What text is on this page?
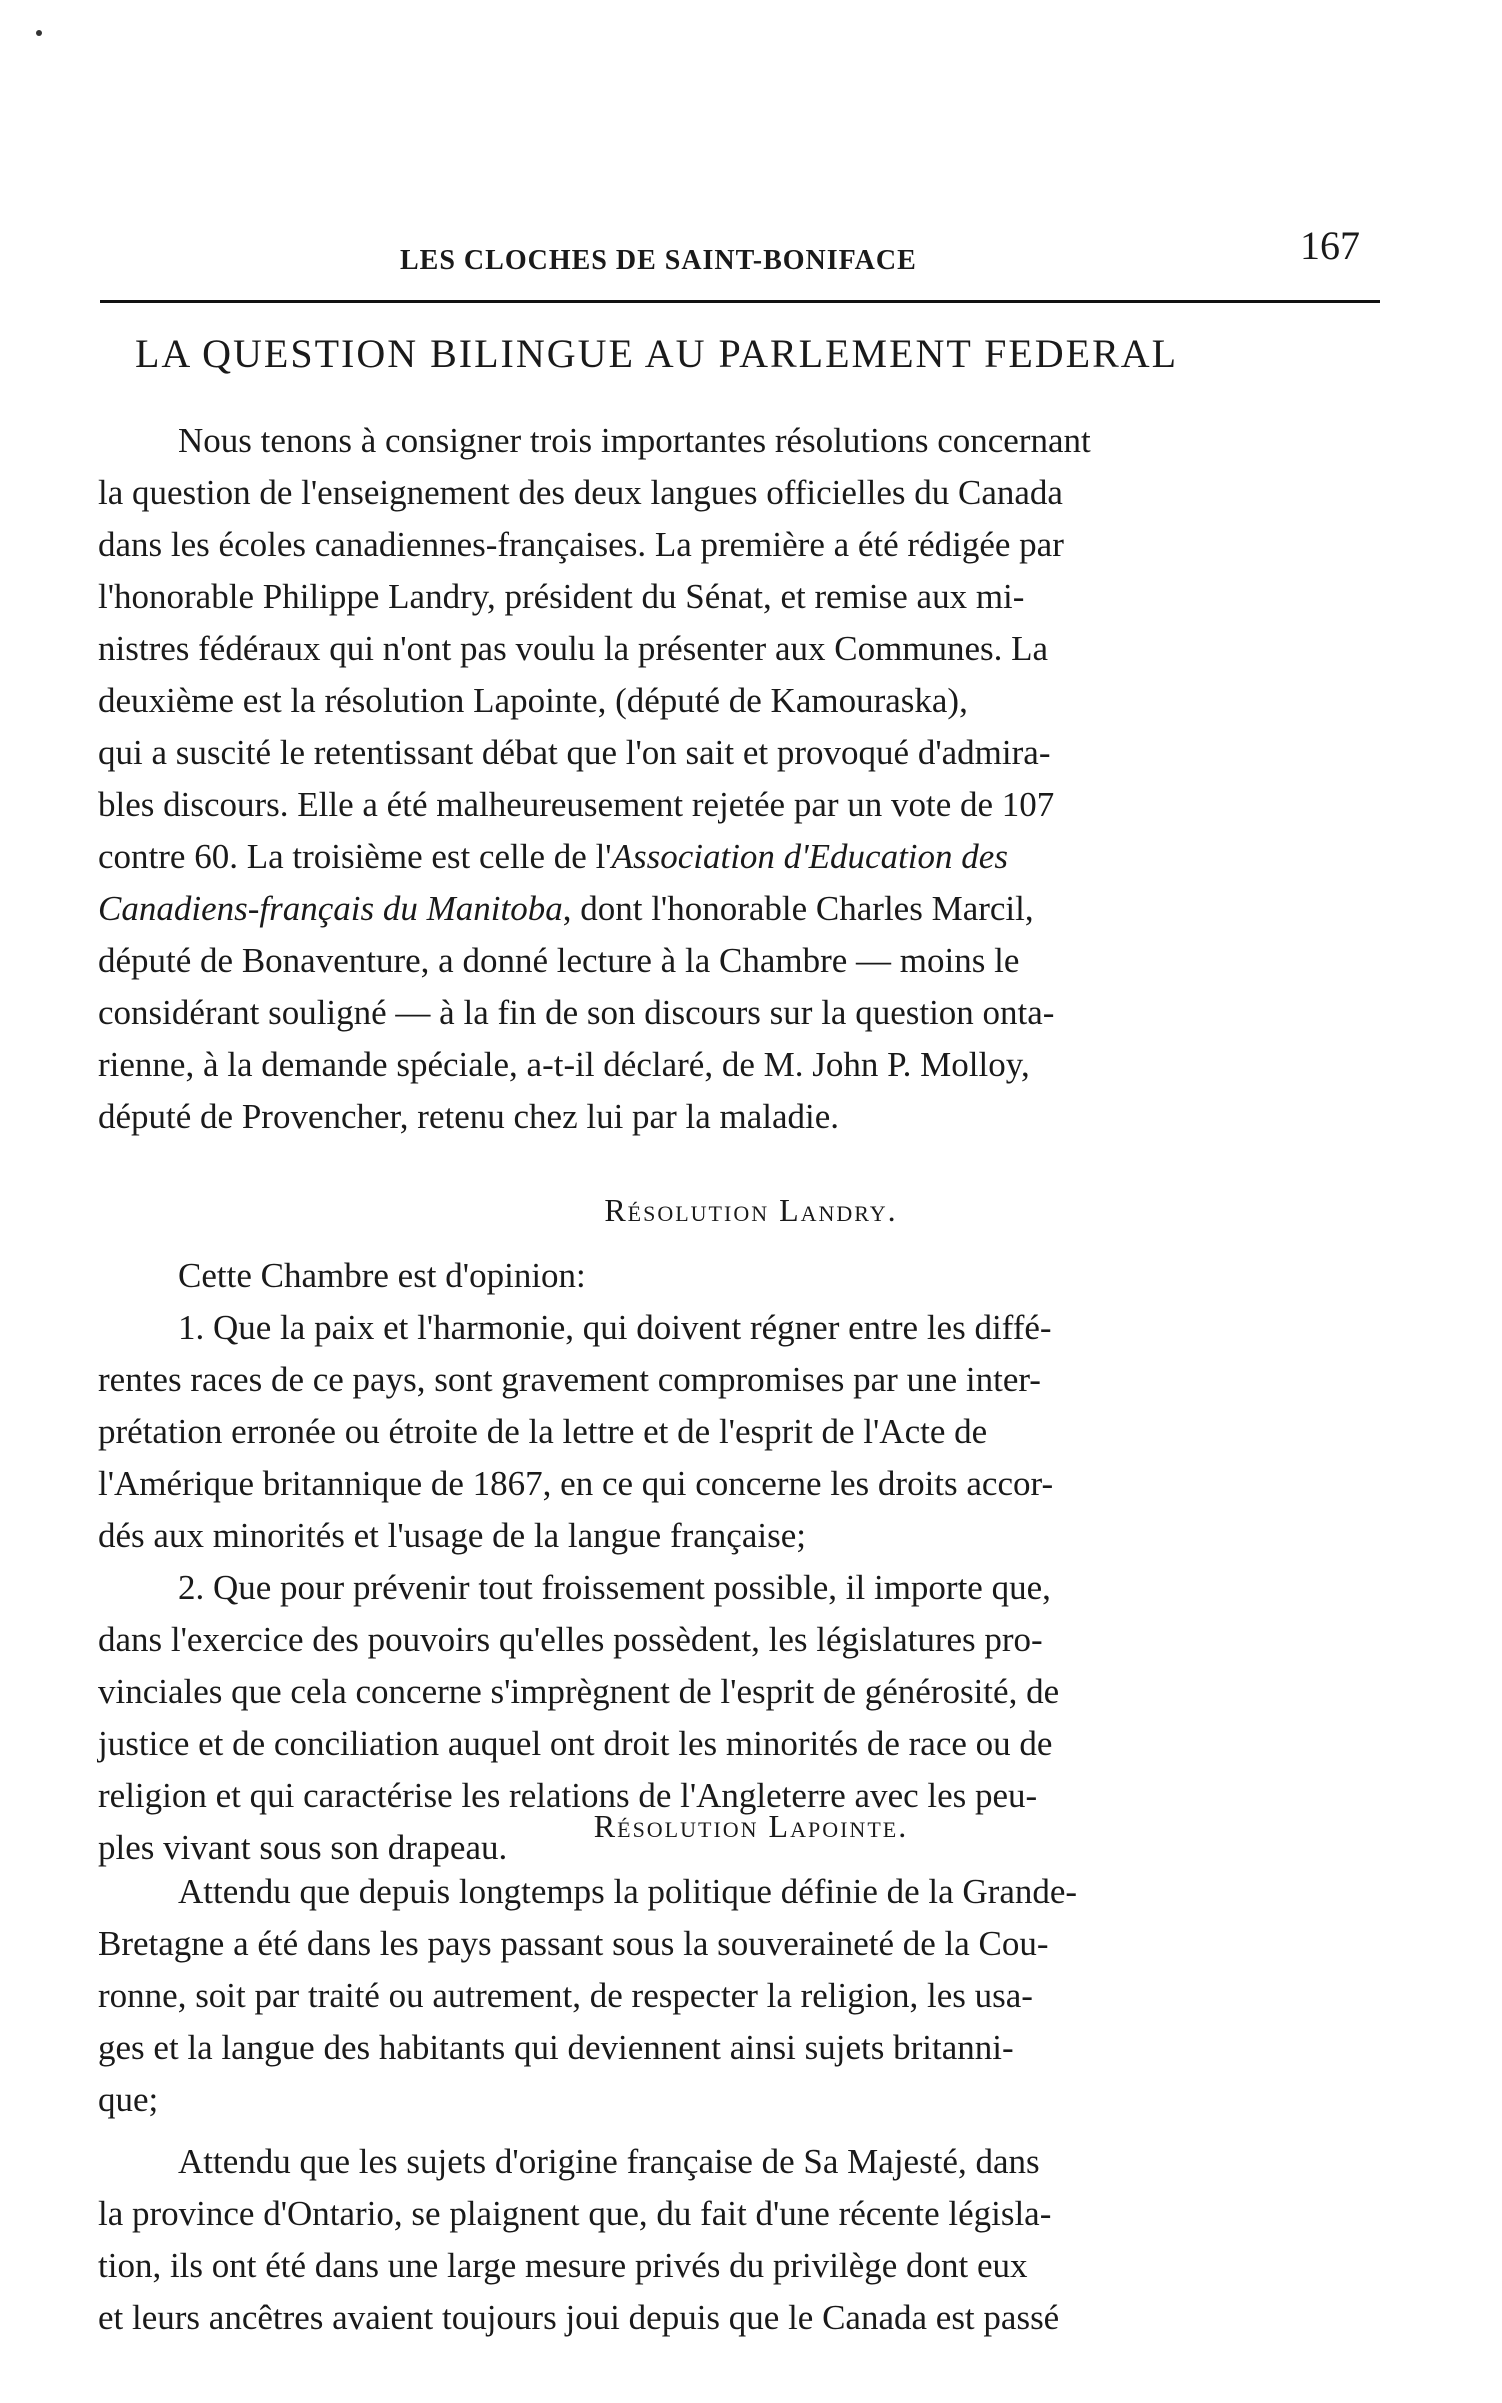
LES CLOCHES DE SAINT-BONIFACE	167
LA QUESTION BILINGUE AU PARLEMENT FEDERAL

Nous tenons à consigner trois importantes résolutions concernant
la question de l'enseignement des deux langues officielles du Canada
dans les écoles canadiennes-françaises. La première a été rédigée par
l'honorable Philippe Landry, président du Sénat, et remise aux mi-
nistres fédéraux qui n'ont pas voulu la présenter aux Communes. La
deuxième est la résolution Lapointe, (député de Kamouraska),
qui a suscité le retentissant débat que l'on sait et provoqué d'admira-
bles discours. Elle a été malheureusement rejetée par un vote de 107
contre 60. La troisième est celle de l'Association d'Education des
Canadiens-français du Manitoba, dont l'honorable Charles Marcil,
député de Bonaventure, a donné lecture à la Chambre — moins le
considérant souligné — à la fin de son discours sur la question onta-
rienne, à la demande spéciale, a-t-il déclaré, de M. John P. Molloy,
député de Provencher, retenu chez lui par la maladie.

Résolution Landry.

Cette Chambre est d'opinion:
1. Que la paix et l'harmonie, qui doivent régner entre les diffé-
rentes races de ce pays, sont gravement compromises par une inter-
prétation erronée ou étroite de la lettre et de l'esprit de l'Acte de
l'Amérique britannique de 1867, en ce qui concerne les droits accor-
dés aux minorités et l'usage de la langue française;
2. Que pour prévenir tout froissement possible, il importe que,
dans l'exercice des pouvoirs qu'elles possèdent, les législatures pro-
vinciales que cela concerne s'imprègnent de l'esprit de générosité, de
justice et de conciliation auquel ont droit les minorités de race ou de
religion et qui caractérise les relations de l'Angleterre avec les peu-
ples vivant sous son drapeau.

Résolution Lapointe.

Attendu que depuis longtemps la politique définie de la Grande-
Bretagne a été dans les pays passant sous la souveraineté de la Cou-
ronne, soit par traité ou autrement, de respecter la religion, les usa-
ges et la langue des habitants qui deviennent ainsi sujets britanni-
que;
Attendu que les sujets d'origine française de Sa Majesté, dans
la province d'Ontario, se plaignent que, du fait d'une récente législa-
tion, ils ont été dans une large mesure privés du privilège dont eux
et leurs ancêtres avaient toujours joui depuis que le Canada est passé
